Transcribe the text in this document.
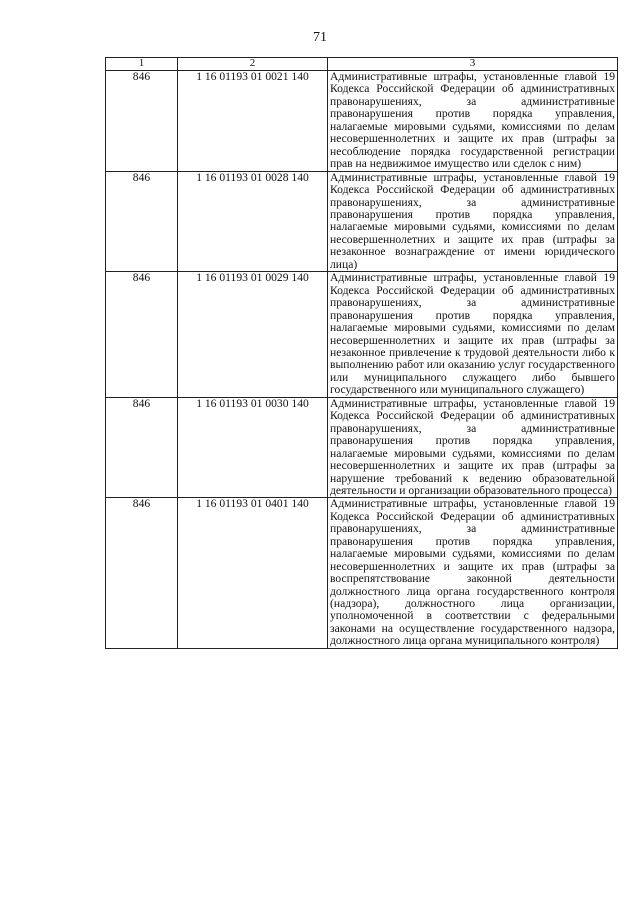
71
1	2	3
846	1 16 01193 01 0021 140	Административные штрафы, установленные главой 19 Кодекса Российской Федерации об административных правонарушениях, за административные правонарушения против порядка управления, налагаемые мировыми судьями, комиссиями по делам несовершеннолетних и защите их прав (штрафы за несоблюдение порядка государственной регистрации прав на недвижимое имущество или сделок с ним)
846	1 16 01193 01 0028 140	Административные штрафы, установленные главой 19 Кодекса Российской Федерации об административных правонарушениях, за административные правонарушения против порядка управления, налагаемые мировыми судьями, комиссиями по делам несовершеннолетних и защите их прав (штрафы за незаконное вознаграждение от имени юридического лица)
846	1 16 01193 01 0029 140	Административные штрафы, установленные главой 19 Кодекса Российской Федерации об административных правонарушениях, за административные правонарушения против порядка управления, налагаемые мировыми судьями, комиссиями по делам несовершеннолетних и защите их прав (штрафы за незаконное привлечение к трудовой деятельности либо к выполнению работ или оказанию услуг государственного или муниципального служащего либо бывшего государственного или муниципального служащего)
846	1 16 01193 01 0030 140	Административные штрафы, установленные главой 19 Кодекса Российской Федерации об административных правонарушениях, за административные правонарушения против порядка управления, налагаемые мировыми судьями, комиссиями по делам несовершеннолетних и защите их прав (штрафы за нарушение требований к ведению образовательной деятельности и организации образовательного процесса)
846	1 16 01193 01 0401 140	Административные штрафы, установленные главой 19 Кодекса Российской Федерации об административных правонарушениях, за административные правонарушения против порядка управления, налагаемые мировыми судьями, комиссиями по делам несовершеннолетних и защите их прав (штрафы за воспрепятствование законной деятельности должностного лица органа государственного контроля (надзора), должностного лица организации, уполномоченной в соответствии с федеральными законами на осуществление государственного надзора, должностного лица органа муниципального контроля)
